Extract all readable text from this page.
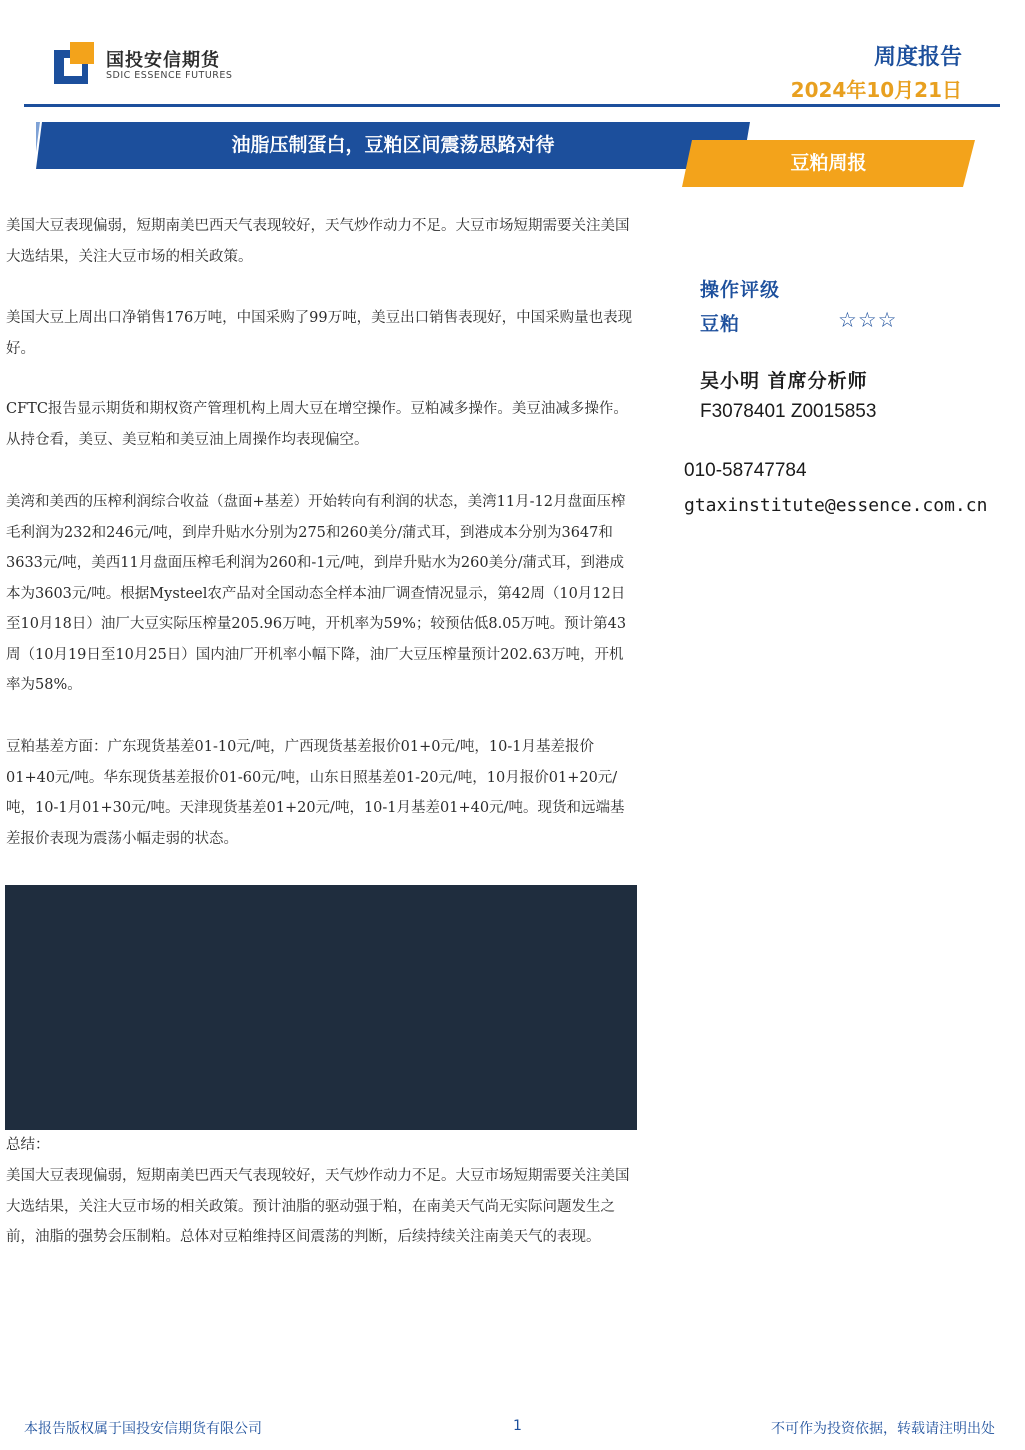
国投安信期货
SDIC ESSENCE FUTURES
周度报告
2024年10月21日
油脂压制蛋白，豆粕区间震荡思路对待
豆粕周报

美国大豆表现偏弱，短期南美巴西天气表现较好，天气炒作动力不足。大豆市场短期需要关注美国大选结果，关注大豆市场的相关政策。

美国大豆上周出口净销售176万吨，中国采购了99万吨，美豆出口销售表现好，中国采购量也表现好。

CFTC报告显示期货和期权资产管理机构上周大豆在增空操作。豆粕减多操作。美豆油减多操作。从持仓看，美豆、美豆粕和美豆油上周操作均表现偏空。

美湾和美西的压榨利润综合收益（盘面+基差）开始转向有利润的状态，美湾11月-12月盘面压榨毛利润为232和246元/吨，到岸升贴水分别为275和260美分/蒲式耳，到港成本分别为3647和3633元/吨，美西11月盘面压榨毛利润为260和-1元/吨，到岸升贴水为260美分/蒲式耳，到港成本为3603元/吨。根据Mysteel农产品对全国动态全样本油厂调查情况显示，第42周（10月12日至10月18日）油厂大豆实际压榨量205.96万吨，开机率为59%；较预估低8.05万吨。预计第43周（10月19日至10月25日）国内油厂开机率小幅下降，油厂大豆压榨量预计202.63万吨，开机率为58%。

豆粕基差方面：广东现货基差01-10元/吨，广西现货基差报价01+0元/吨，10-1月基差报价01+40元/吨。华东现货基差报价01-60元/吨，山东日照基差01-20元/吨，10月报价01+20元/吨，10-1月01+30元/吨。天津现货基差01+20元/吨，10-1月基差01+40元/吨。现货和远端基差报价表现为震荡小幅走弱的状态。

总结：

美国大豆表现偏弱，短期南美巴西天气表现较好，天气炒作动力不足。大豆市场短期需要关注美国大选结果，关注大豆市场的相关政策。预计油脂的驱动强于粕，在南美天气尚无实际问题发生之前，油脂的强势会压制粕。总体对豆粕维持区间震荡的判断，后续持续关注南美天气的表现。

操作评级
豆粕	☆☆☆
吴小明 首席分析师
F3078401 Z0015853
010-58747784
gtaxinstitute@essence.com.cn
本报告版权属于国投安信期货有限公司	1	不可作为投资依据，转载请注明出处
